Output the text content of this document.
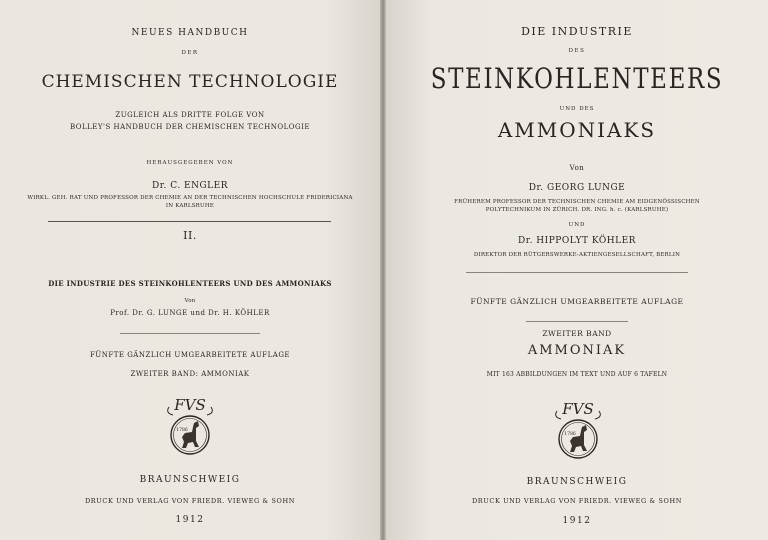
NEUES HANDBUCH
DER
CHEMISCHEN TECHNOLOGIE
ZUGLEICH ALS DRITTE FOLGE VON
BOLLEY'S HANDBUCH DER CHEMISCHEN TECHNOLOGIE
HERAUSGEGEBEN VON
Dr. C. ENGLER
WIRKL. GEH. RAT UND PROFESSOR DER CHEMIE AN DER TECHNISCHEN HOCHSCHULE FRIDERICIANA
IN KARLSRUHE
II.
DIE INDUSTRIE DES STEINKOHLENTEERS UND DES AMMONIAKS
Von
Prof. Dr. G. LUNGE und Dr. H. KÖHLER
FÜNFTE GÄNZLICH UMGEARBEITETE AUFLAGE
ZWEITER BAND: AMMONIAK
FVS
1786
BRAUNSCHWEIG
DRUCK UND VERLAG VON FRIEDR. VIEWEG & SOHN
1912
DIE INDUSTRIE
DES
STEINKOHLENTEERS
UND DES
AMMONIAKS
Von
Dr. GEORG LUNGE
FRÜHEREM PROFESSOR DER TECHNISCHEN CHEMIE AM EIDGENÖSSISCHEN
POLYTECHNIKUM IN ZÜRICH. DR. ING. h. c. (KARLSRUHE)
UND
Dr. HIPPOLYT KÖHLER
DIREKTOR DER RÜTGERSWERKE-AKTIENGESELLSCHAFT, BERLIN
FÜNFTE GÄNZLICH UMGEARBEITETE AUFLAGE
ZWEITER BAND
AMMONIAK
MIT 163 ABBILDUNGEN IM TEXT UND AUF 6 TAFELN
FVS
1786
BRAUNSCHWEIG
DRUCK UND VERLAG VON FRIEDR. VIEWEG & SOHN
1912
